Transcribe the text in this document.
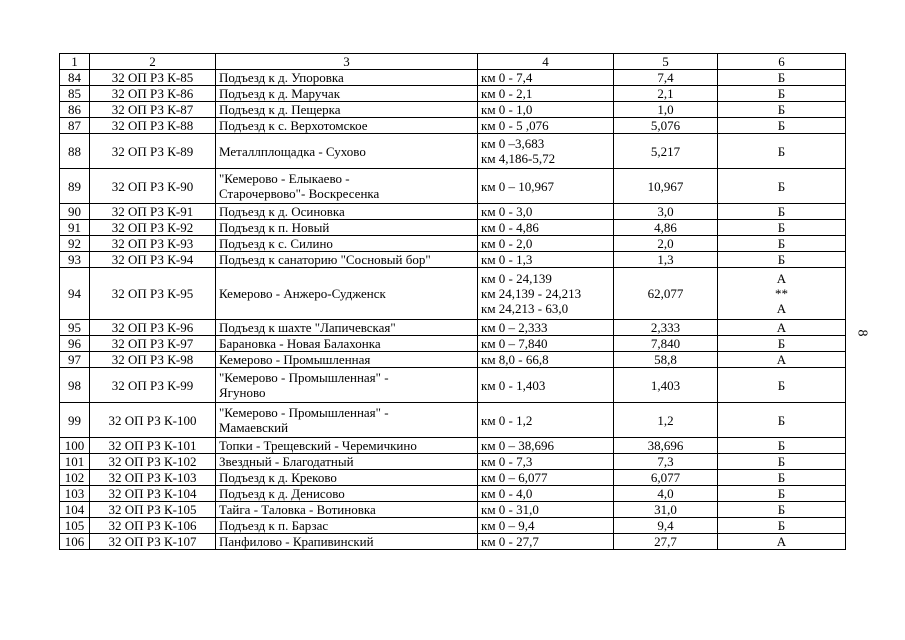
1	2	3	4	5	6
84	32 ОП РЗ К-85	Подъезд к д. Упоровка	км 0 - 7,4	7,4	Б

85	32 ОП РЗ К-86	Подъезд к д. Маручак	км 0 - 2,1	2,1	Б

86	32 ОП РЗ К-87	Подъезд к д. Пещерка	км 0 - 1,0	1,0	Б

87	32 ОП РЗ К-88	Подъезд к с. Верхотомское	км 0 - 5 ,076	5,076	Б

88	32 ОП РЗ К-89	Металлплощадка - Сухово	км 0 –3,683
км 4,186-5,72	5,217	Б

89	32 ОП РЗ К-90	"Кемерово - Елыкаево -
Старочервово"- Воскресенка	км 0 – 10,967	10,967	Б

90	32 ОП РЗ К-91	Подъезд к д. Осиновка	км 0 - 3,0	3,0	Б

91	32 ОП РЗ К-92	Подъезд к п. Новый	км 0 - 4,86	4,86	Б

92	32 ОП РЗ К-93	Подъезд к с. Силино	км 0 - 2,0	2,0	Б

93	32 ОП РЗ К-94	Подъезд к санаторию "Сосновый бор"	км 0 - 1,3	1,3	Б

94	32 ОП РЗ К-95	Кемерово - Анжеро-Судженск	км 0 - 24,139
км 24,139 - 24,213
км 24,213 - 63,0	62,077	А
**
А

95	32 ОП РЗ К-96	Подъезд к шахте "Лапичевская"	км 0 – 2,333	2,333	А

96	32 ОП РЗ К-97	Барановка - Новая Балахонка	км 0 – 7,840	7,840	Б

97	32 ОП РЗ К-98	Кемерово - Промышленная	км 8,0 - 66,8	58,8	А

98	32 ОП РЗ К-99	"Кемерово - Промышленная" -
Ягуново	км 0 - 1,403	1,403	Б

99	32 ОП РЗ К-100	"Кемерово - Промышленная" -
Мамаевский	км 0 - 1,2	1,2	Б

100	32 ОП РЗ К-101	Топки - Трещевский - Черемичкино	км 0 – 38,696	38,696	Б

101	32 ОП РЗ К-102	Звездный - Благодатный	км 0 - 7,3	7,3	Б

102	32 ОП РЗ К-103	Подъезд к д. Креково	км 0 – 6,077	6,077	Б

103	32 ОП РЗ К-104	Подъезд к д. Денисово	км 0 - 4,0	4,0	Б

104	32 ОП РЗ К-105	Тайга - Таловка - Вотиновка	км 0 - 31,0	31,0	Б

105	32 ОП РЗ К-106	Подъезд к п. Барзас	км 0 – 9,4	9,4	Б

106	32 ОП РЗ К-107	Панфилово - Крапивинский	км 0 - 27,7	27,7	А
8
